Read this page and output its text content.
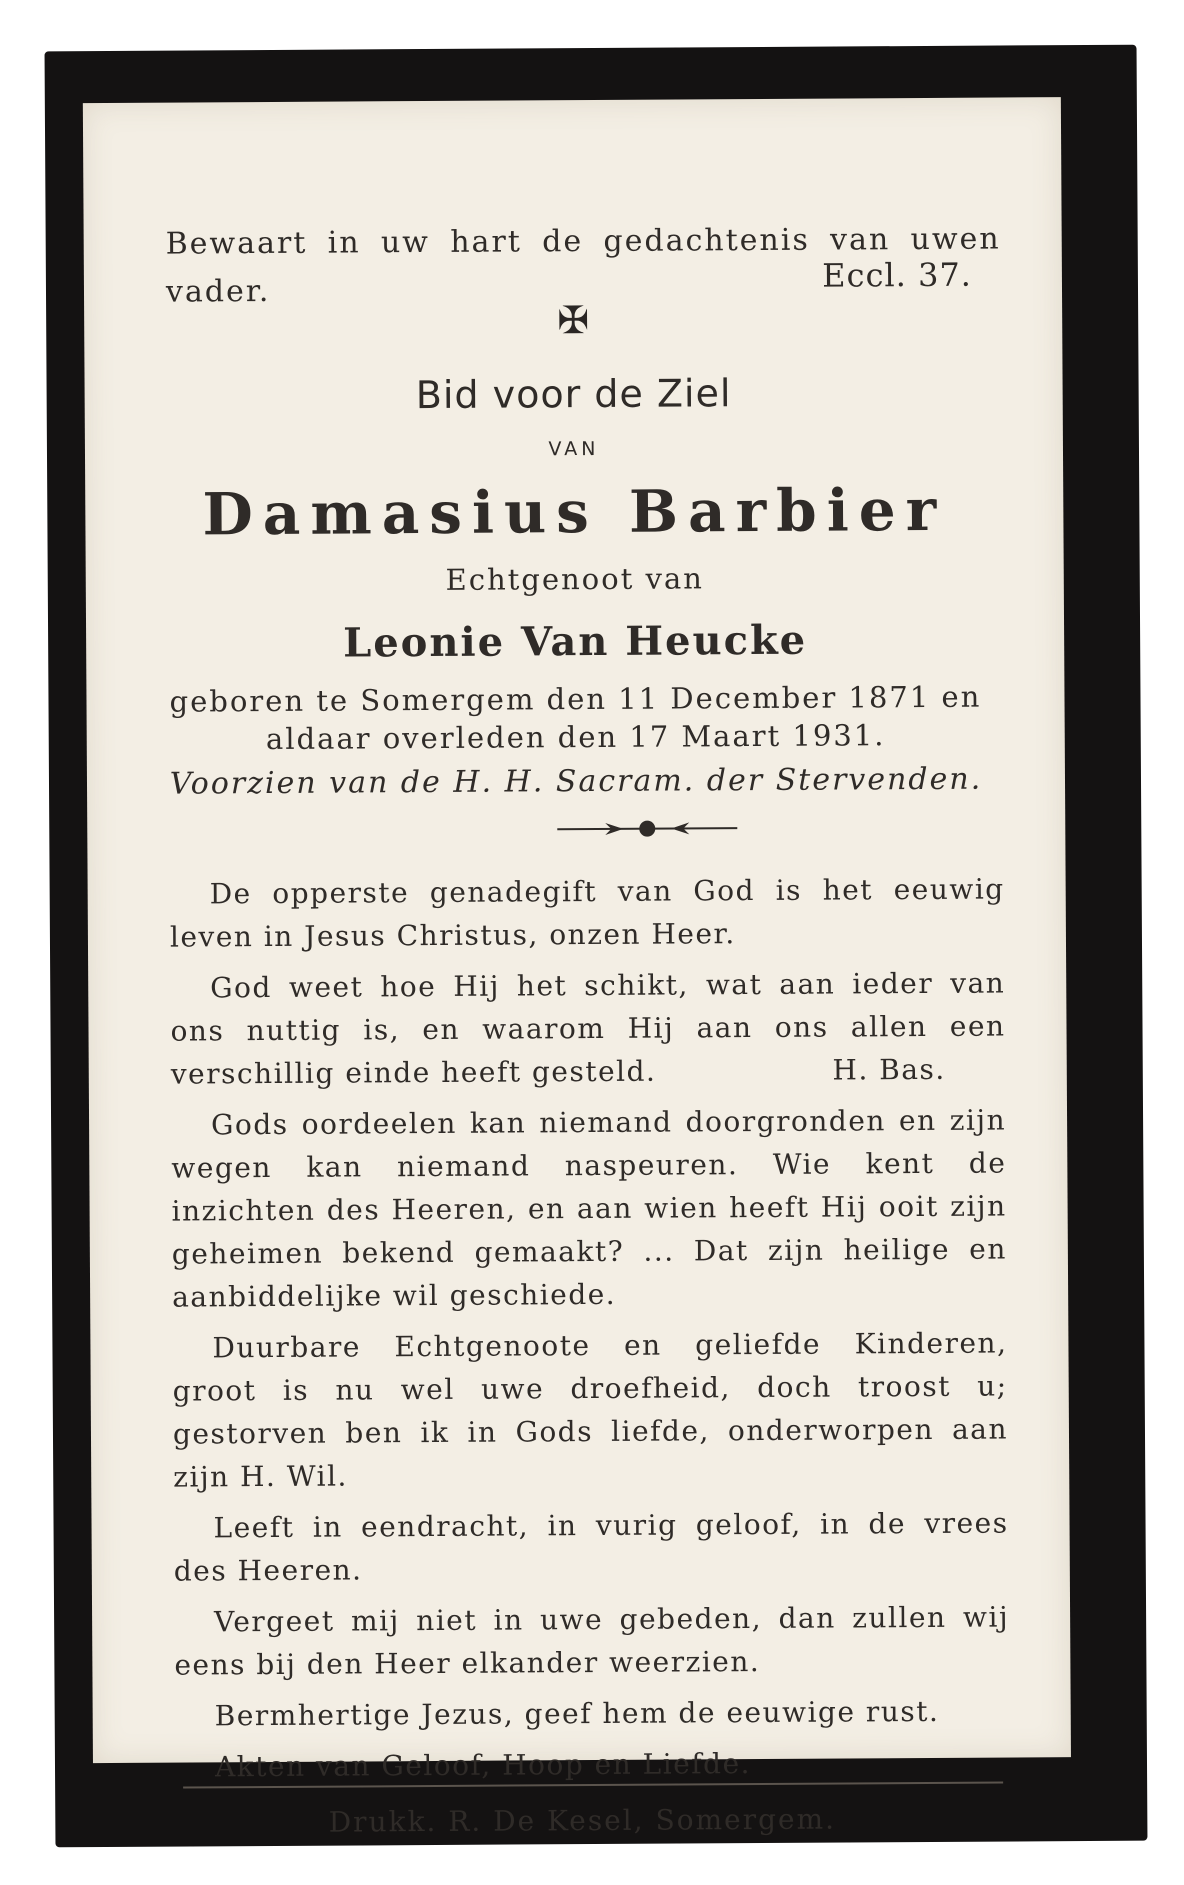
Bewaart in uw hart de gedachtenis van uwen vader.	Eccl. 37.
✠
Bid voor de Ziel
VAN
Damasius Barbier
Echtgenoot van
Leonie Van Heucke
geboren te Somergem den 11 December 1871 en
aldaar overleden den 17 Maart 1931.
Voorzien van de H. H. Sacram. der Stervenden.

De opperste genadegift van God is het eeuwig leven in Jesus Christus, onzen Heer.

God weet hoe Hij het schikt, wat aan ieder van ons nuttig is, en waarom Hij aan ons allen een verschillig einde heeft gesteld.	H. Bas.

Gods oordeelen kan niemand doorgronden en zijn wegen kan niemand naspeuren. Wie kent de inzichten des Heeren, en aan wien heeft Hij ooit zijn geheimen bekend gemaakt? ... Dat zijn heilige en aanbiddelijke wil geschiede.

Duurbare Echtgenoote en geliefde Kinderen, groot is nu wel uwe droefheid, doch troost u; gestorven ben ik in Gods liefde, onderworpen aan zijn H. Wil.

Leeft in eendracht, in vurig geloof, in de vrees des Heeren.

Vergeet mij niet in uwe gebeden, dan zullen wij eens bij den Heer elkander weerzien.

Bermhertige Jezus, geef hem de eeuwige rust.

Akten van Geloof, Hoop en Liefde.

Drukk. R. De Kesel, Somergem.
